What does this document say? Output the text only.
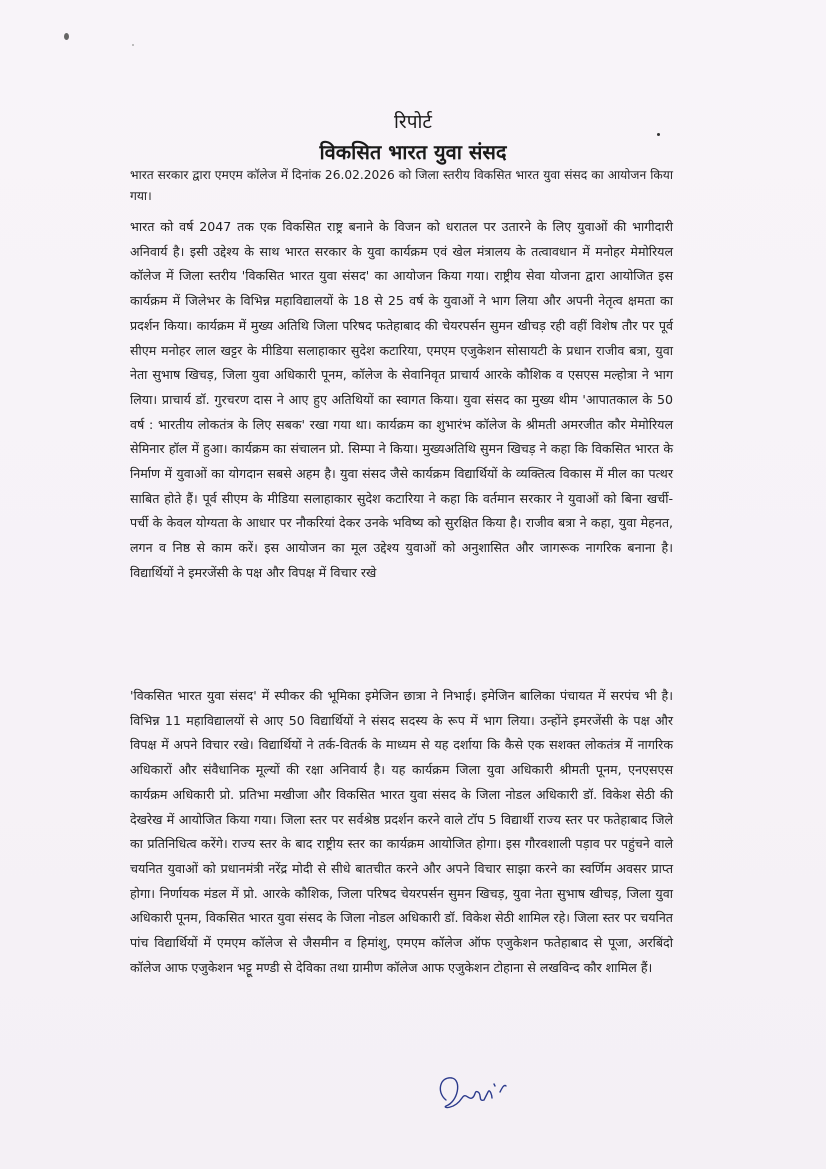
रिपोर्ट
विकसित भारत युवा संसद
भारत सरकार द्वारा एमएम कॉलेज में दिनांक 26.02.2026 को जिला स्तरीय विकसित भारत युवा संसद का आयोजन किया गया।
भारत को वर्ष 2047 तक एक विकसित राष्ट्र बनाने के विजन को धरातल पर उतारने के लिए युवाओं की भागीदारी अनिवार्य है। इसी उद्देश्य के साथ भारत सरकार के युवा कार्यक्रम एवं खेल मंत्रालय के तत्वावधान में मनोहर मेमोरियल कॉलेज में जिला स्तरीय 'विकसित भारत युवा संसद' का आयोजन किया गया। राष्ट्रीय सेवा योजना द्वारा आयोजित इस कार्यक्रम में जिलेभर के विभिन्न महाविद्यालयों के 18 से 25 वर्ष के युवाओं ने भाग लिया और अपनी नेतृत्व क्षमता का प्रदर्शन किया। कार्यक्रम में मुख्य अतिथि जिला परिषद फतेहाबाद की चेयरपर्सन सुमन खीचड़ रही वहीं विशेष तौर पर पूर्व सीएम मनोहर लाल खट्टर के मीडिया सलाहाकार सुदेश कटारिया, एमएम एजुकेशन सोसायटी के प्रधान राजीव बत्रा, युवा नेता सुभाष खिचड़, जिला युवा अधिकारी पूनम, कॉलेज के सेवानिवृत प्राचार्य आरके कौशिक व एसएस मल्होत्रा ने भाग लिया। प्राचार्य डॉ. गुरचरण दास ने आए हुए अतिथियों का स्वागत किया। युवा संसद का मुख्य थीम 'आपातकाल के 50 वर्ष : भारतीय लोकतंत्र के लिए सबक' रखा गया था। कार्यक्रम का शुभारंभ कॉलेज के श्रीमती अमरजीत कौर मेमोरियल सेमिनार हॉल में हुआ। कार्यक्रम का संचालन प्रो. सिम्पा ने किया। मुख्यअतिथि सुमन खिचड़ ने कहा कि विकसित भारत के निर्माण में युवाओं का योगदान सबसे अहम है। युवा संसद जैसे कार्यक्रम विद्यार्थियों के व्यक्तित्व विकास में मील का पत्थर साबित होते हैं। पूर्व सीएम के मीडिया सलाहाकार सुदेश कटारिया ने कहा कि वर्तमान सरकार ने युवाओं को बिना खर्ची-पर्ची के केवल योग्यता के आधार पर नौकरियां देकर उनके भविष्य को सुरक्षित किया है। राजीव बत्रा ने कहा, युवा मेहनत, लगन व निष्ठ से काम करें। इस आयोजन का मूल उद्देश्य युवाओं को अनुशासित और जागरूक नागरिक बनाना है। विद्यार्थियों ने इमरजेंसी के पक्ष और विपक्ष में विचार रखे
'विकसित भारत युवा संसद' में स्पीकर की भूमिका इमेजिन छात्रा ने निभाई। इमेजिन बालिका पंचायत में सरपंच भी है। विभिन्न 11 महाविद्यालयों से आए 50 विद्यार्थियों ने संसद सदस्य के रूप में भाग लिया। उन्होंने इमरजेंसी के पक्ष और विपक्ष में अपने विचार रखे। विद्यार्थियों ने तर्क-वितर्क के माध्यम से यह दर्शाया कि कैसे एक सशक्त लोकतंत्र में नागरिक अधिकारों और संवैधानिक मूल्यों की रक्षा अनिवार्य है। यह कार्यक्रम जिला युवा अधिकारी श्रीमती पूनम, एनएसएस कार्यक्रम अधिकारी प्रो. प्रतिभा मखीजा और विकसित भारत युवा संसद के जिला नोडल अधिकारी डॉ. विकेश सेठी की देखरेख में आयोजित किया गया। जिला स्तर पर सर्वश्रेष्ठ प्रदर्शन करने वाले टॉप 5 विद्यार्थी राज्य स्तर पर फतेहाबाद जिले का प्रतिनिधित्व करेंगे। राज्य स्तर के बाद राष्ट्रीय स्तर का कार्यक्रम आयोजित होगा। इस गौरवशाली पड़ाव पर पहुंचने वाले चयनित युवाओं को प्रधानमंत्री नरेंद्र मोदी से सीधे बातचीत करने और अपने विचार साझा करने का स्वर्णिम अवसर प्राप्त होगा। निर्णायक मंडल में प्रो. आरके कौशिक, जिला परिषद चेयरपर्सन सुमन खिचड़, युवा नेता सुभाष खीचड़, जिला युवा अधिकारी पूनम, विकसित भारत युवा संसद के जिला नोडल अधिकारी डॉ. विकेश सेठी शामिल रहे। जिला स्तर पर चयनित पांच विद्यार्थियों में एमएम कॉलेज से जैसमीन व हिमांशु, एमएम कॉलेज ऑफ एजुकेशन फतेहाबाद से पूजा, अरबिंदो कॉलेज आफ एजुकेशन भट्टू मण्डी से देविका तथा ग्रामीण कॉलेज आफ एजुकेशन टोहाना से लखविन्द कौर शामिल हैं।
